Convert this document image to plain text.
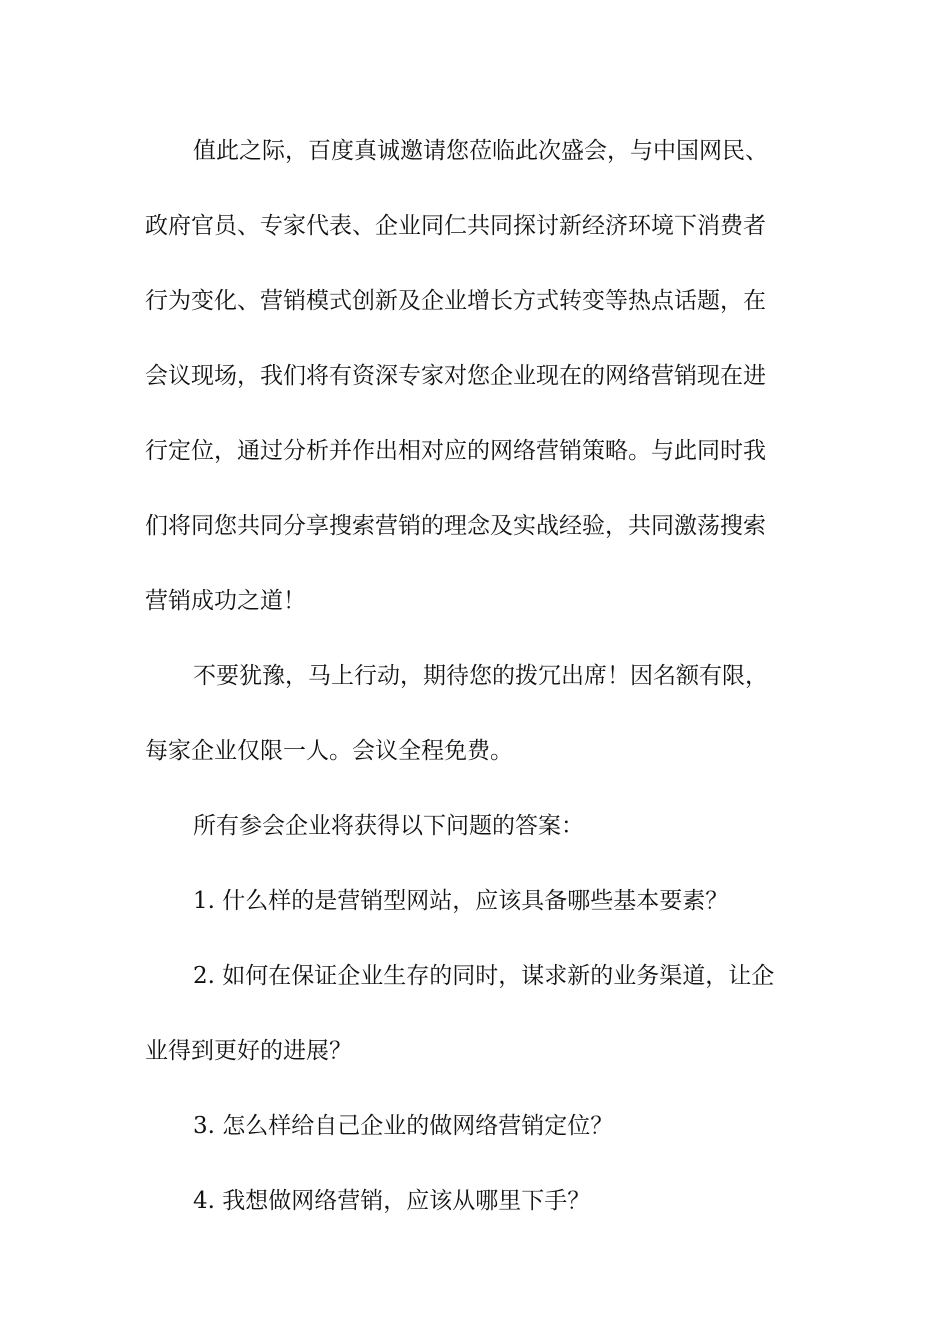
值此之际，百度真诚邀请您莅临此次盛会，与中国网民、

政府官员、专家代表、企业同仁共同探讨新经济环境下消费者

行为变化、营销模式创新及企业增长方式转变等热点话题，在

会议现场，我们将有资深专家对您企业现在的网络营销现在进

行定位，通过分析并作出相对应的网络营销策略。与此同时我

们将同您共同分享搜索营销的理念及实战经验，共同激荡搜索

营销成功之道！

不要犹豫，马上行动，期待您的拨冗出席！因名额有限，

每家企业仅限一人。会议全程免费。

所有参会企业将获得以下问题的答案：

1. 什么样的是营销型网站，应该具备哪些基本要素？

2. 如何在保证企业生存的同时，谋求新的业务渠道，让企

业得到更好的进展？

3. 怎么样给自己企业的做网络营销定位？

4. 我想做网络营销，应该从哪里下手？
